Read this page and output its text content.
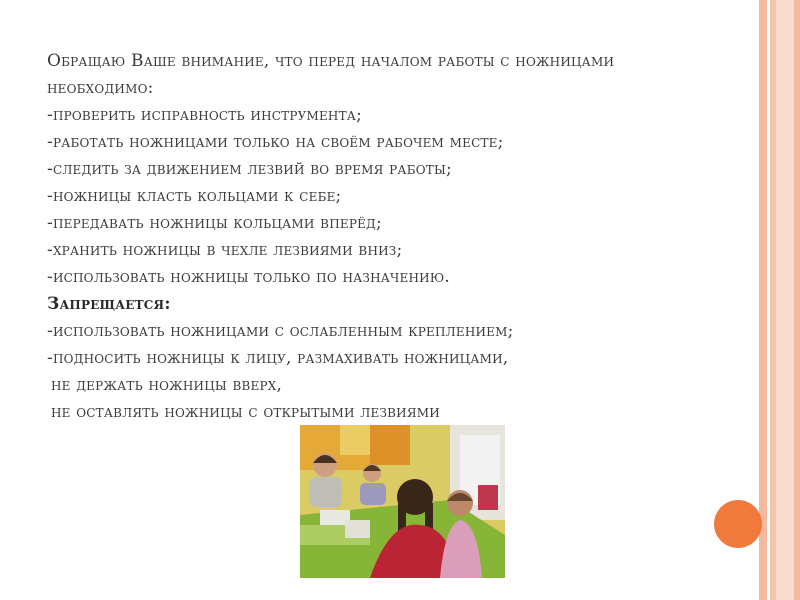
Обращаю Ваше внимание, что перед началом работы с ножницами
необходимо:
-проверить исправность инструмента;
-работать ножницами только на своём рабочем месте;
-следить за движением лезвий во время работы;
-ножницы класть кольцами к себе;
-передавать ножницы кольцами вперёд;
-хранить ножницы в чехле лезвиями вниз;
-использовать ножницы только по назначению.
Запрещается:
-использовать ножницами с ослабленным креплением;
-подносить ножницы к лицу, размахивать ножницами,
не держать ножницы вверх,
не оставлять ножницы с открытыми лезвиями
